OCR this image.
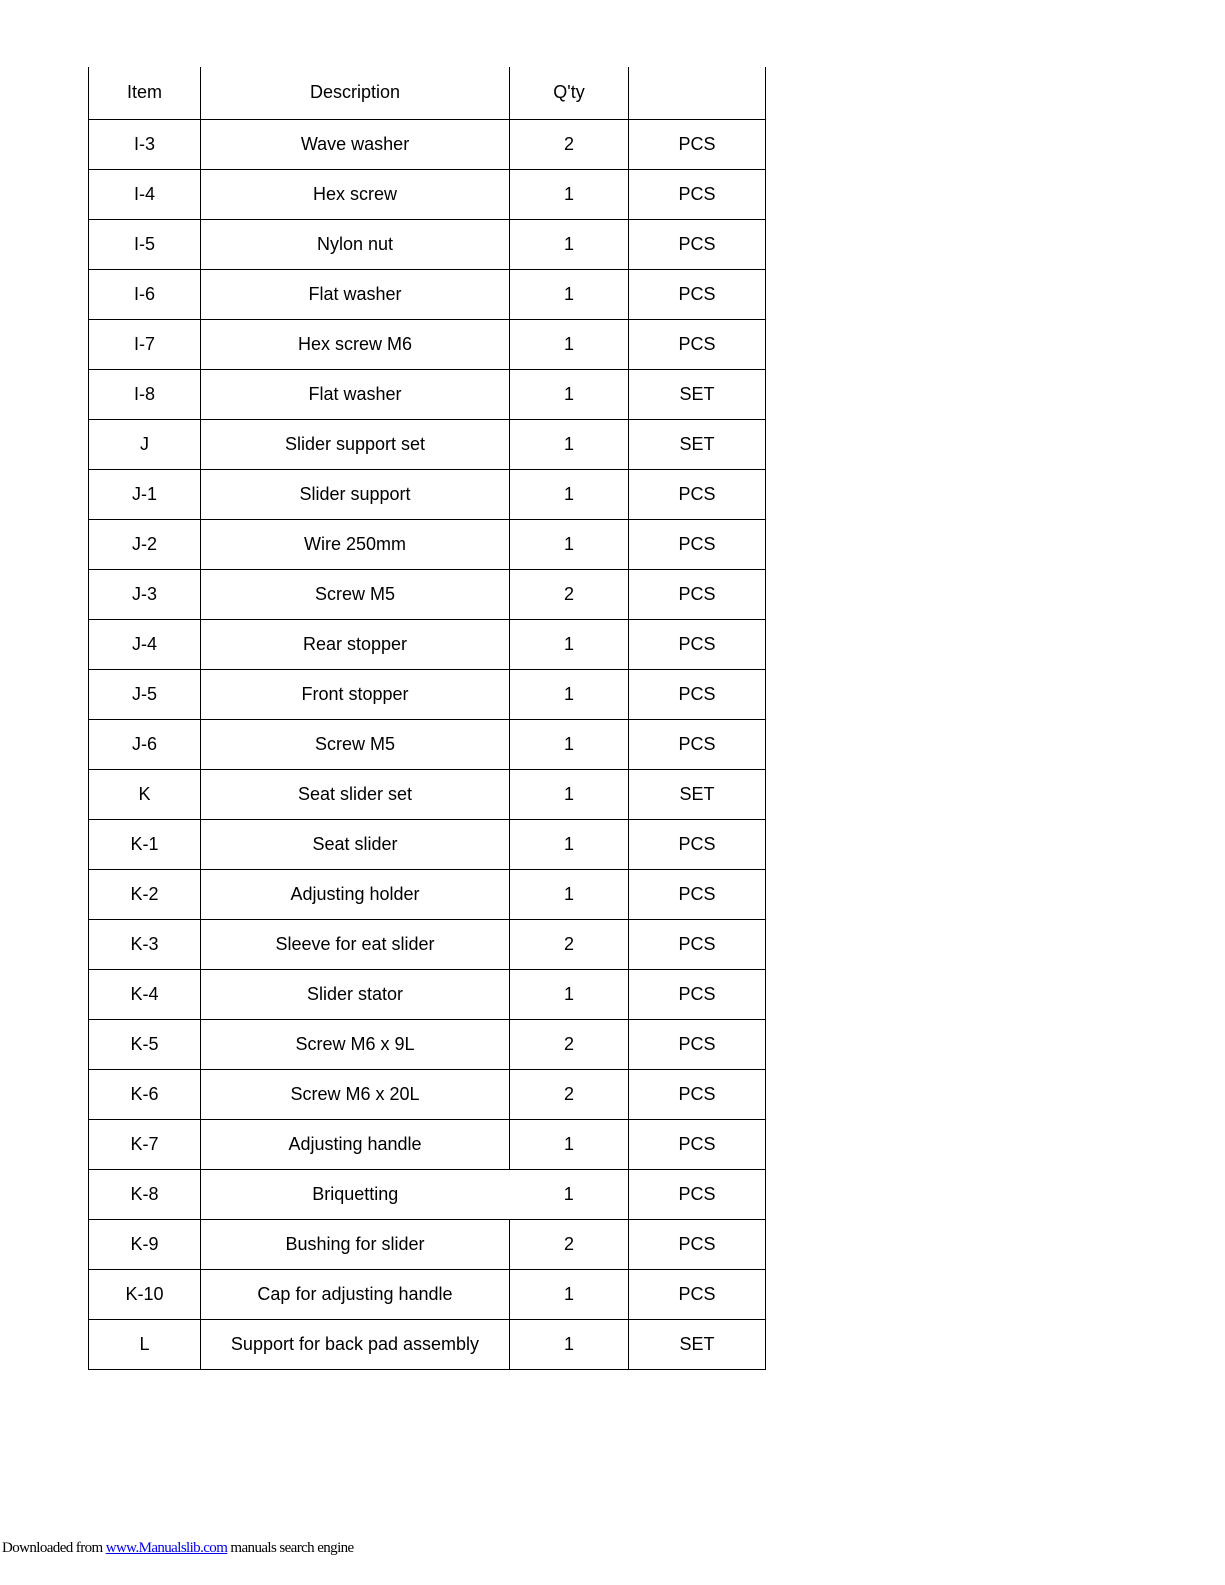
Item	Description	Q'ty	
I-3	Wave washer	2	PCS
I-4	Hex screw	1	PCS
I-5	Nylon nut	1	PCS
I-6	Flat washer	1	PCS
I-7	Hex screw M6	1	PCS
I-8	Flat washer	1	SET
J	Slider support set	1	SET
J-1	Slider support	1	PCS
J-2	Wire 250mm	1	PCS
J-3	Screw M5	2	PCS
J-4	Rear stopper	1	PCS
J-5	Front stopper	1	PCS
J-6	Screw M5	1	PCS
K	Seat slider set	1	SET
K-1	Seat slider	1	PCS
K-2	Adjusting holder	1	PCS
K-3	Sleeve for eat slider	2	PCS
K-4	Slider stator	1	PCS
K-5	Screw M6 x 9L	2	PCS
K-6	Screw M6 x 20L	2	PCS
K-7	Adjusting handle	1	PCS
K-8	Briquetting	1	PCS
K-9	Bushing for slider	2	PCS
K-10	Cap for adjusting handle	1	PCS
L	Support for back pad assembly	1	SET
Downloaded from www.Manualslib.com manuals search engine
